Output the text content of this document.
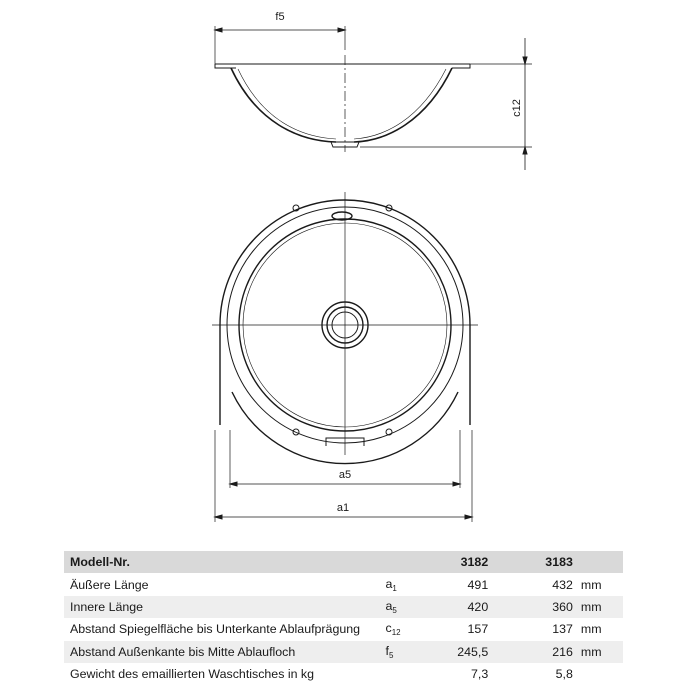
f5
c12
a5
a1
Modell-Nr.		3182	3183	
Äußere Länge	$a_1$	491	432	mm
Innere Länge	$a_5$	420	360	mm
Abstand Spiegelfläche bis Unterkante Ablaufprägung	$c_{12}$	157	137	mm
Abstand Außenkante bis Mitte Ablaufloch	$f_5$	245,5	216	mm
Gewicht des emaillierten Waschtisches in kg		7,3	5,8	
